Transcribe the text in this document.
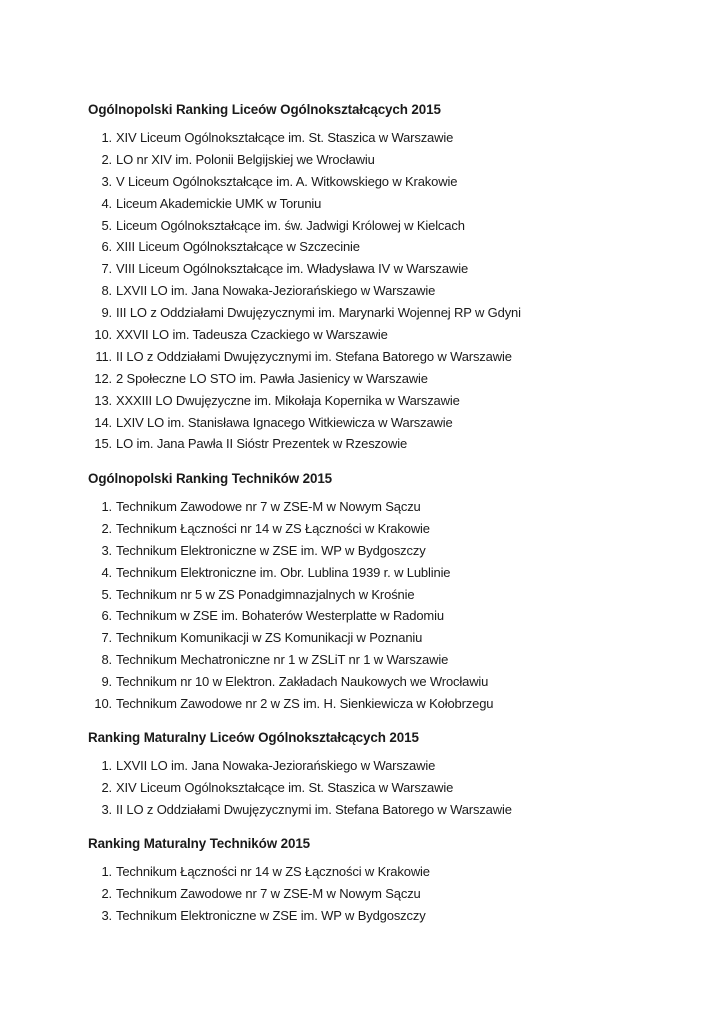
Ogólnopolski Ranking Liceów Ogólnokształcących 2015
1. XIV Liceum Ogólnokształcące im. St. Staszica w Warszawie
2. LO nr XIV im. Polonii Belgijskiej we Wrocławiu
3. V Liceum Ogólnokształcące im. A. Witkowskiego w Krakowie
4. Liceum Akademickie UMK w Toruniu
5. Liceum Ogólnokształcące im. św. Jadwigi Królowej w Kielcach
6. XIII Liceum Ogólnokształcące w Szczecinie
7. VIII Liceum Ogólnokształcące im. Władysława IV w Warszawie
8. LXVII LO im. Jana Nowaka-Jeziorańskiego w Warszawie
9. III LO z Oddziałami Dwujęzycznymi im. Marynarki Wojennej RP w Gdyni
10. XXVII LO im. Tadeusza Czackiego w Warszawie
11. II LO z Oddziałami Dwujęzycznymi im. Stefana Batorego w Warszawie
12. 2 Społeczne LO STO im. Pawła Jasienicy w Warszawie
13. XXXIII LO Dwujęzyczne im. Mikołaja Kopernika w Warszawie
14. LXIV LO im. Stanisława Ignacego Witkiewicza w Warszawie
15. LO im. Jana Pawła II Sióstr Prezentek w Rzeszowie
Ogólnopolski Ranking Techników 2015
1. Technikum Zawodowe nr 7 w ZSE-M w Nowym Sączu
2. Technikum Łączności nr 14 w ZS Łączności w Krakowie
3. Technikum Elektroniczne w ZSE im. WP w Bydgoszczy
4. Technikum Elektroniczne im. Obr. Lublina 1939 r. w Lublinie
5. Technikum nr 5 w ZS Ponadgimnazjalnych w Krośnie
6. Technikum w ZSE im. Bohaterów Westerplatte w Radomiu
7. Technikum Komunikacji w ZS Komunikacji w Poznaniu
8. Technikum Mechatroniczne nr 1 w ZSLiT nr 1 w Warszawie
9. Technikum nr 10 w Elektron. Zakładach Naukowych we Wrocławiu
10. Technikum Zawodowe nr 2 w ZS im. H. Sienkiewicza w Kołobrzegu
Ranking Maturalny Liceów Ogólnokształcących 2015
1. LXVII LO im. Jana Nowaka-Jeziorańskiego w Warszawie
2. XIV Liceum Ogólnokształcące im. St. Staszica w Warszawie
3. II LO z Oddziałami Dwujęzycznymi im. Stefana Batorego w Warszawie
Ranking Maturalny Techników 2015
1. Technikum Łączności nr 14 w ZS Łączności w Krakowie
2. Technikum Zawodowe nr 7 w ZSE-M w Nowym Sączu
3. Technikum Elektroniczne w ZSE im. WP w Bydgoszczy
